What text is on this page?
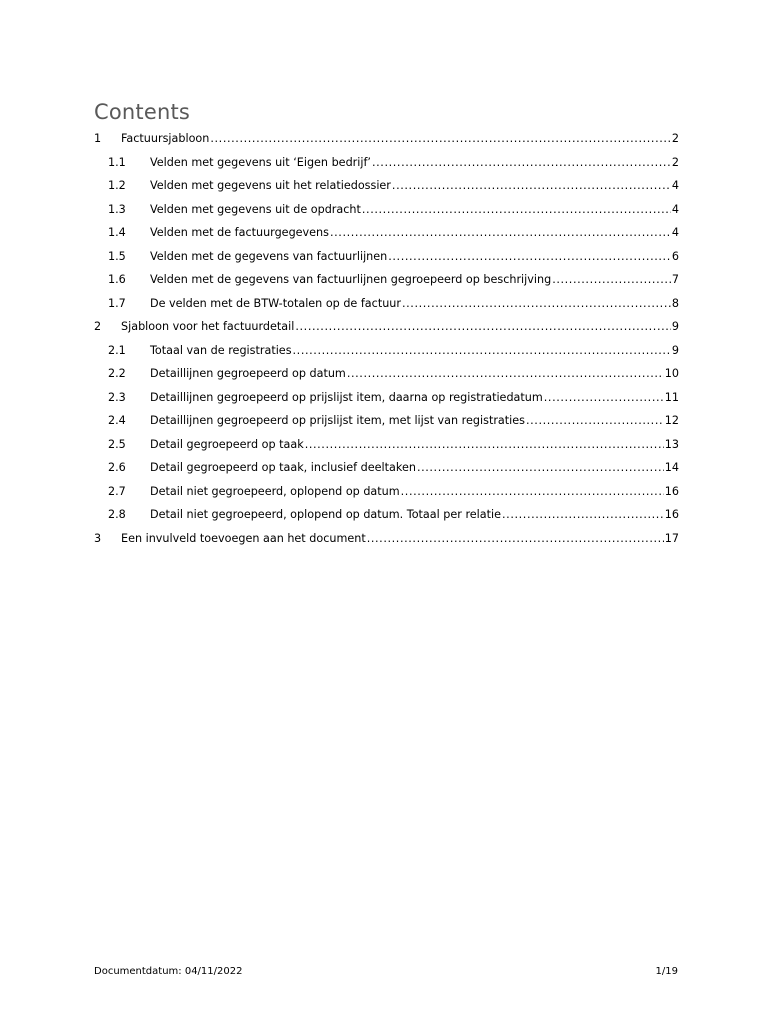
Contents
1	Factuursjabloon .....	2
1.1	Velden met gegevens uit ‘Eigen bedrijf’ .....	2
1.2	Velden met gegevens uit het relatiedossier .....	4
1.3	Velden met gegevens uit de opdracht .....	4
1.4	Velden met de factuurgegevens .....	4
1.5	Velden met de gegevens van factuurlijnen .....	6
1.6	Velden met de gegevens van factuurlijnen gegroepeerd op beschrijving .....	7
1.7	De velden met de BTW-totalen op de factuur .....	8
2	Sjabloon voor het factuurdetail .....	9
2.1	Totaal van de registraties .....	9
2.2	Detaillijnen gegroepeerd op datum .....	10
2.3	Detaillijnen gegroepeerd op prijslijst item, daarna op registratiedatum .....	11
2.4	Detaillijnen gegroepeerd op prijslijst item, met lijst van registraties .....	12
2.5	Detail gegroepeerd op taak .....	13
2.6	Detail gegroepeerd op taak, inclusief deeltaken .....	14
2.7	Detail niet gegroepeerd, oplopend op datum .....	16
2.8	Detail niet gegroepeerd, oplopend op datum. Totaal per relatie .....	16
3	Een invulveld toevoegen aan het document .....	17
Documentdatum: 04/11/2022	1/19
